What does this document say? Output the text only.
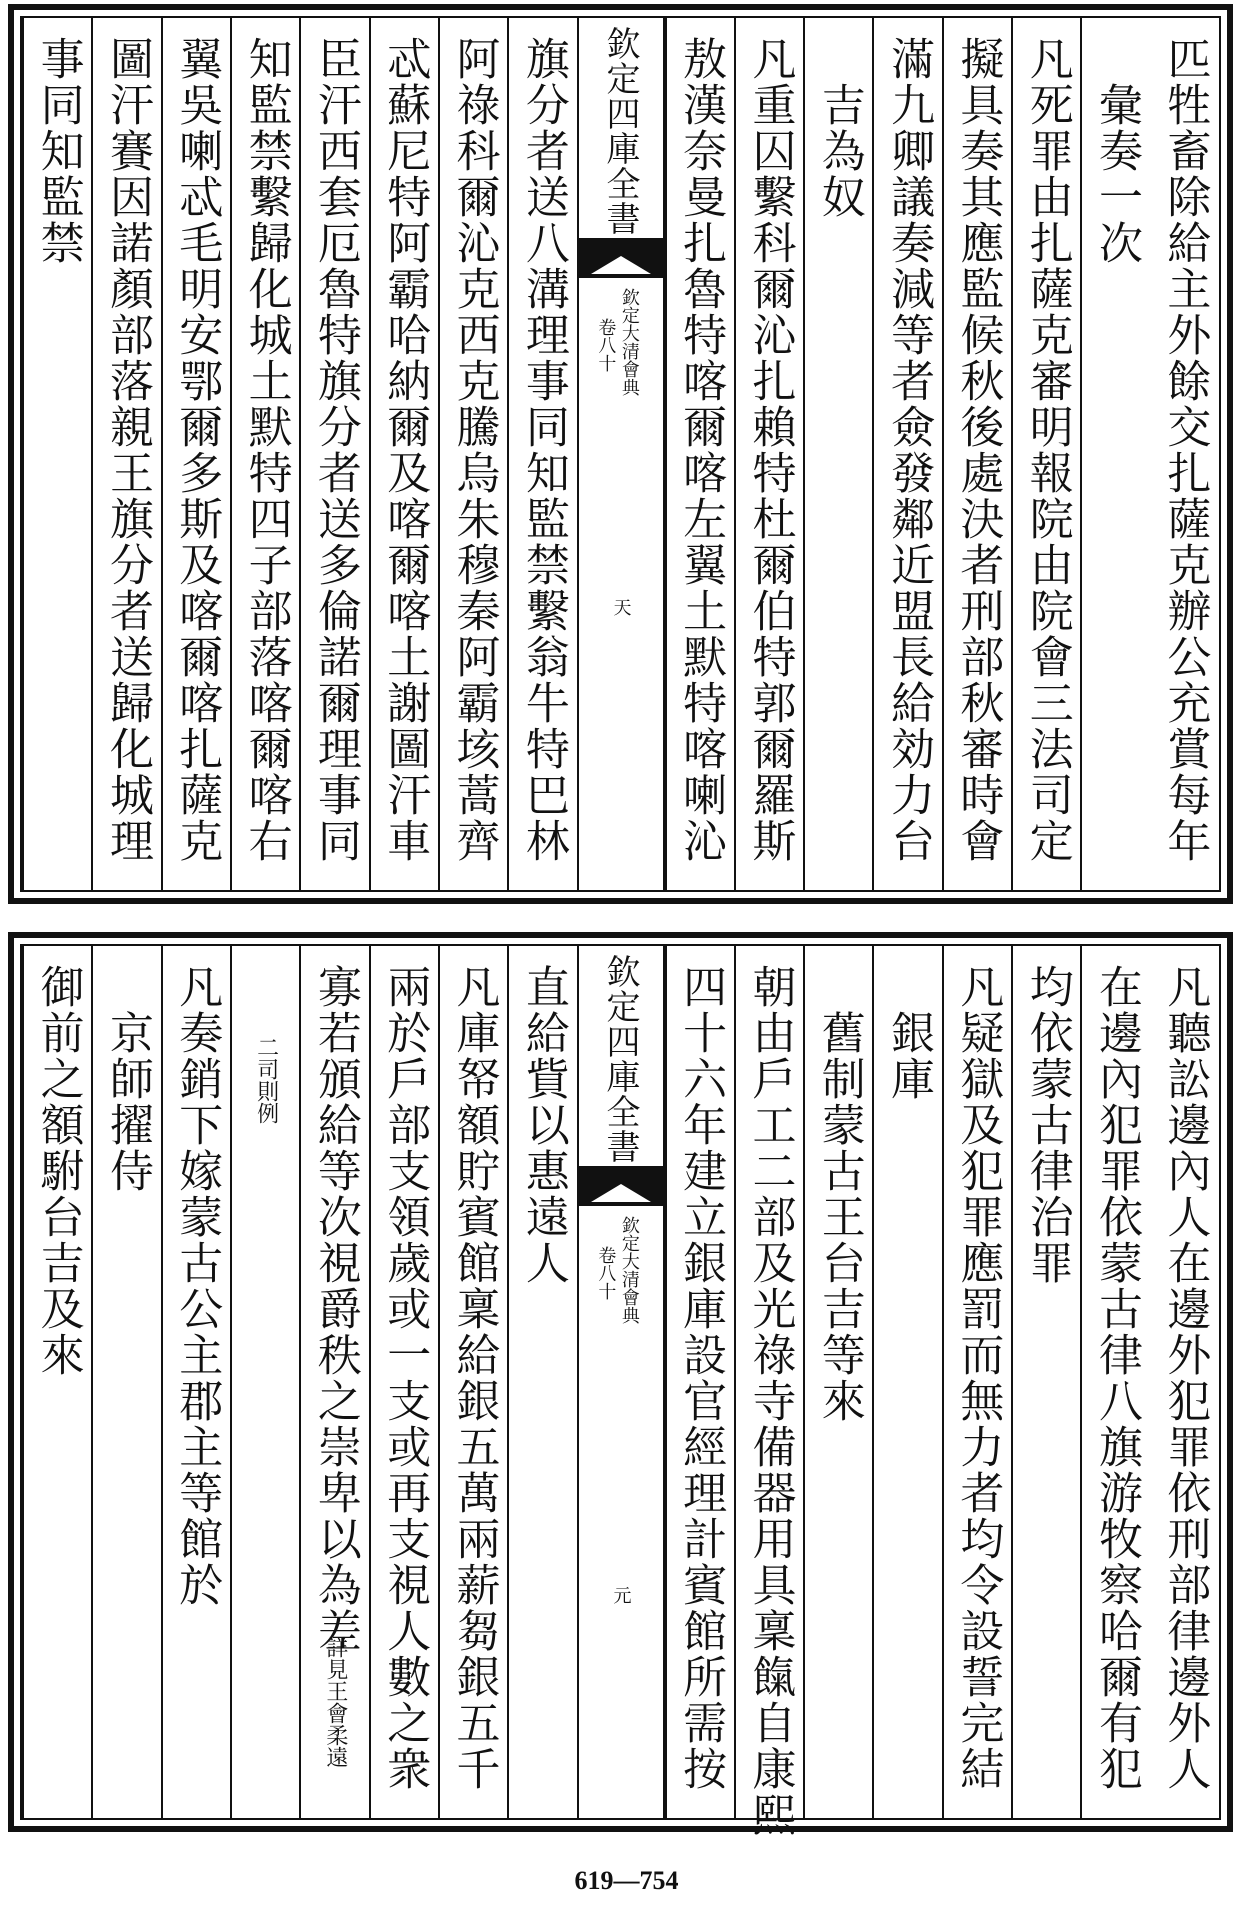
匹牲畜除給主外餘交扎薩克辦公充賞每年
彙奏一次
凡死罪由扎薩克審明報院由院會三法司定
擬具奏其應監候秋後處決者刑部秋審時會
滿九卿議奏減等者僉發鄰近盟長給効力台
吉為奴
凡重囚繫科爾沁扎賴特杜爾伯特郭爾羅斯
敖漢奈曼扎魯特喀爾喀左翼土默特喀喇沁
旗分者送八溝理事同知監禁繫翁牛特巴林
阿祿科爾沁克西克騰烏朱穆秦阿霸垓蒿齊
忒蘇尼特阿霸哈納爾及喀爾喀土謝圖汗車
臣汗西套厄魯特旗分者送多倫諾爾理事同
知監禁繫歸化城土默特四子部落喀爾喀右
翼吳喇忒毛明安鄂爾多斯及喀爾喀扎薩克
圖汗賽因諾顏部落親王旗分者送歸化城理
事同知監禁	欽定四庫全書
欽定大清會典
卷八十
天
凡聽訟邊內人在邊外犯罪依刑部律邊外人
在邊內犯罪依蒙古律八旗游牧察哈爾有犯
均依蒙古律治罪
凡疑獄及犯罪應罰而無力者均令設誓完結
銀庫
舊制蒙古王台吉等來
朝由戶工二部及光祿寺備器用具稟餼自康熙
四十六年建立銀庫設官經理計賓館所需按
直給貲以惠遠人
凡庫帑額貯賓館稟給銀五萬兩薪芻銀五千
兩於戶部支領歲或一支或再支視人數之衆
寡若頒給等次視爵秩之崇卑以為差
詳見王會柔遠
二司則例
凡奏銷下嫁蒙古公主郡主等館於
京師擢侍
御前之額駙台吉及來	欽定四庫全書
欽定大清會典
卷八十
元
619—754
